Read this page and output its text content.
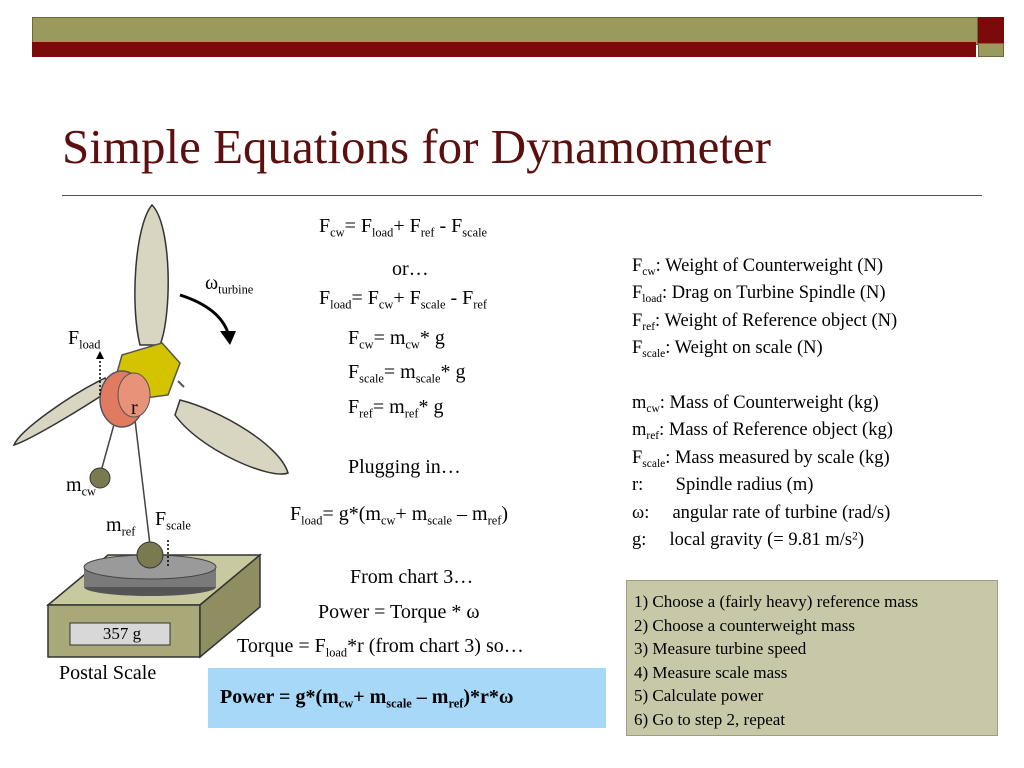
Simple Equations for Dynamometer
$\omega_{turbine}$
$F_{load}$
r
$m_{cw}$
$m_{ref}$
$F_{scale}$
357 g
Postal Scale
$F_{cw}= F_{load}+ F_{ref} - F_{scale}$
or…
$F_{load}= F_{cw}+ F_{scale} - F_{ref}$
$F_{cw}= m_{cw}*$ g
$F_{scale}= m_{scale}*$ g
$F_{ref}= m_{ref}*$ g
Plugging in…
$F_{load}= g*(m_{cw}+ m_{scale} - m_{ref})$
From chart 3…
Power = Torque * ω
Torque = $F_{load}*r$ (from chart 3) so…
Power = $g*(m_{cw}+ m_{scale} - m_{ref})*r*\omega$
$F_{cw}$: Weight of Counterweight (N)
$F_{load}$: Drag on Turbine Spindle (N)
$F_{ref}$: Weight of Reference object (N)
$F_{scale}$: Weight on scale (N)
$m_{cw}$: Mass of Counterweight (kg)
$m_{ref}$: Mass of Reference object (kg)
$F_{scale}$: Mass measured by scale (kg)
r:       Spindle radius (m)
ω:     angular rate of turbine (rad/s)
g:     local gravity (= 9.81 $m/s^2$)
1) Choose a (fairly heavy) reference mass
2) Choose a counterweight mass
3) Measure turbine speed
4) Measure scale mass
5) Calculate power
6) Go to step 2, repeat
